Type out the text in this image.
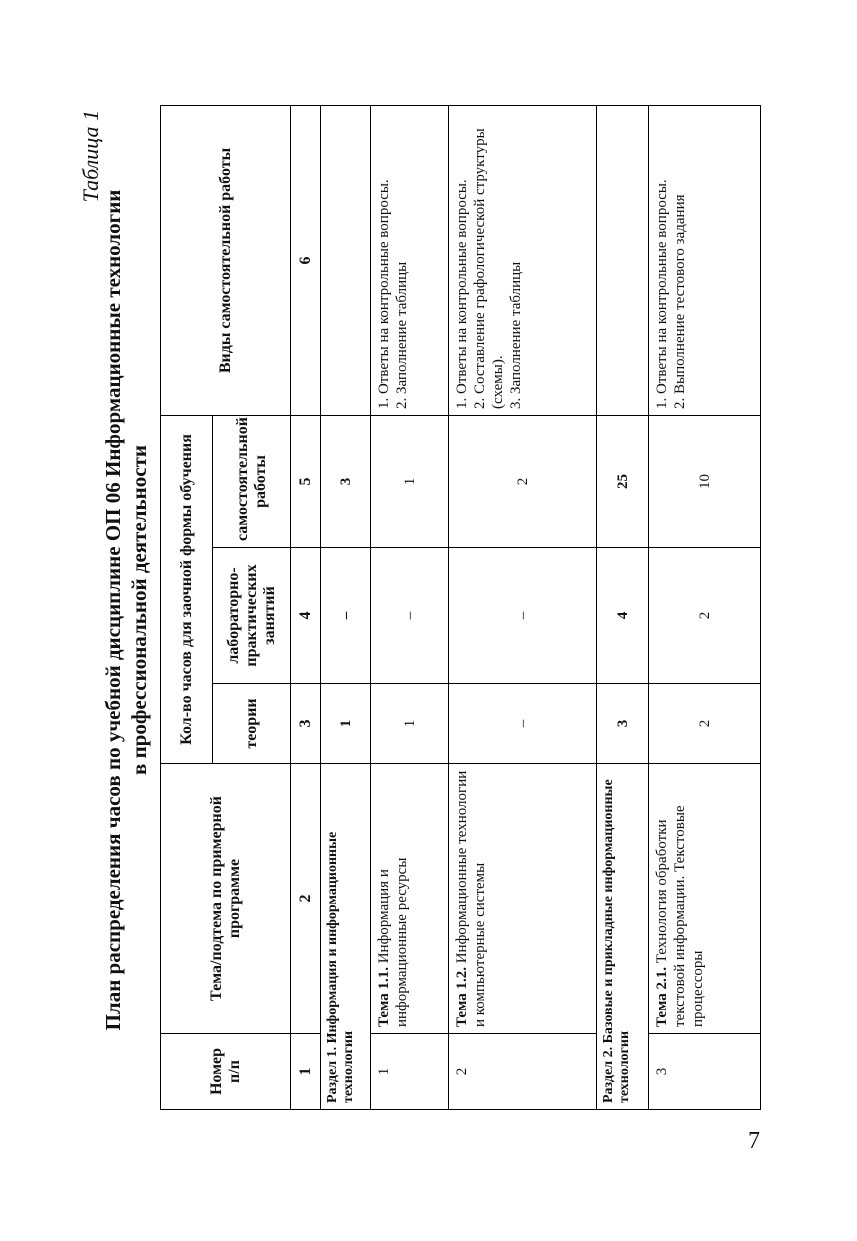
7
Таблица 1
План распределения часов по учебной дисциплине ОП 06 Информационные технологии в профессиональной деятельности
Номер п/п	Тема/подтема по примерной программе	Кол-во часов для заочной формы обучения			Виды самостоятельной работы
		теории	лабораторно-практических занятий	самостоятельной работы	
1	2	3	4	5	6
Раздел 1. Информация и информационные технологии		1	–	3	
1	Тема 1.1. Информация и информационные ресурсы	1	–	1	1. Ответы на контрольные вопросы. 2. Заполнение таблицы

2	Тема 1.2. Информационные технологии и компьютерные системы	–	–	2	1. Ответы на контрольные вопросы. 2. Составление графологической структуры (схемы). 3. Заполнение таблицы

Раздел 2. Базовые и прикладные информационные технологии		3	4	25	
3	Тема 2.1. Технология обработки текстовой информации. Текстовые процессоры	2	2	10	1. Ответы на контрольные вопросы. 2. Выполнение тестового задания
